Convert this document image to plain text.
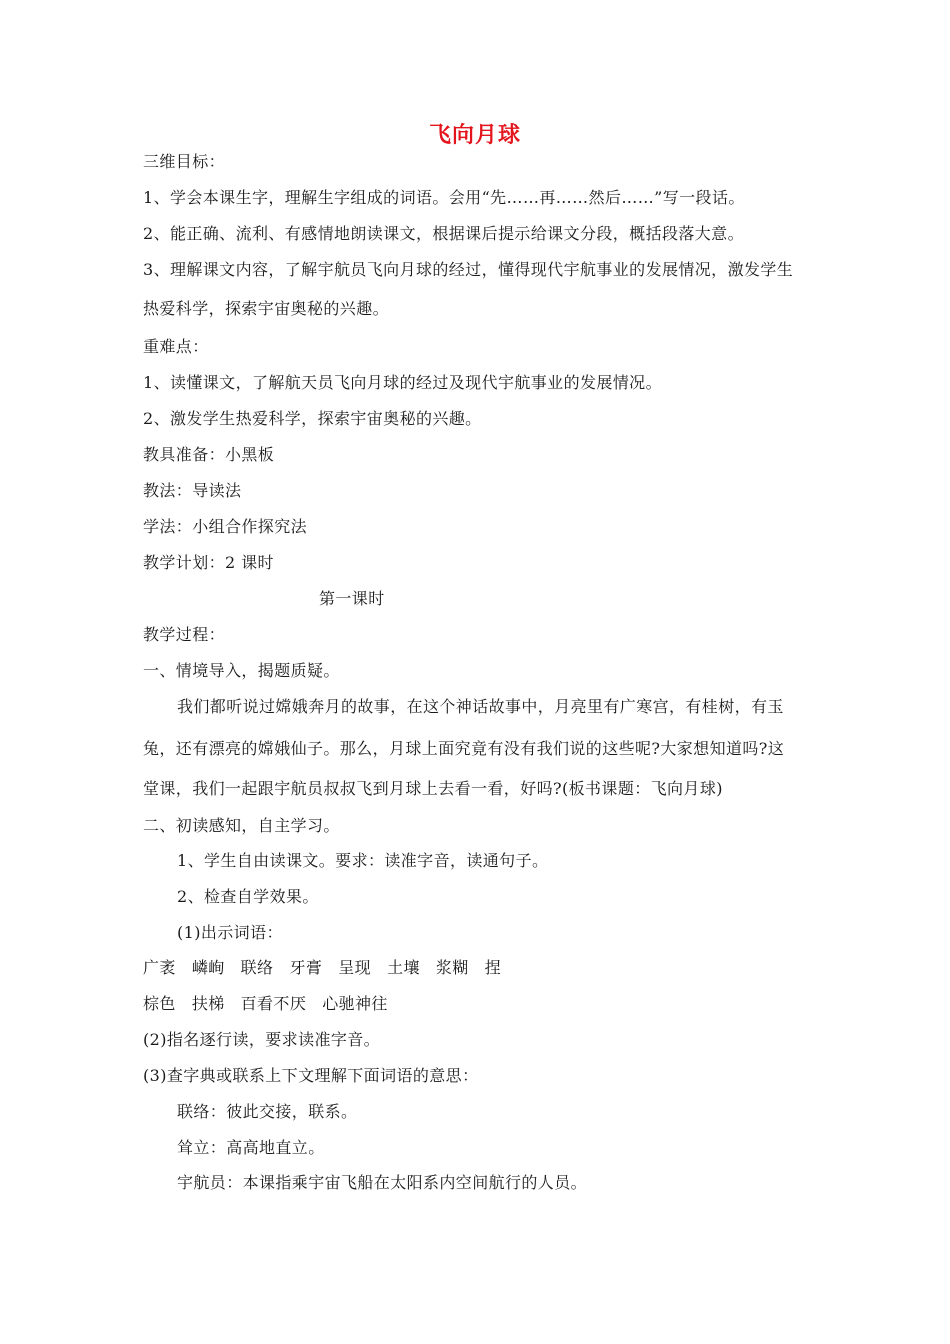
飞向月球
三维目标：
1、学会本课生字，理解生字组成的词语。会用“先……再……然后……”写一段话。
2、能正确、流利、有感情地朗读课文，根据课后提示给课文分段，概括段落大意。
3、理解课文内容，了解宇航员飞向月球的经过，懂得现代宇航事业的发展情况，激发学生
热爱科学，探索宇宙奥秘的兴趣。
重难点：
1、读懂课文，了解航天员飞向月球的经过及现代宇航事业的发展情况。
2、激发学生热爱科学，探索宇宙奥秘的兴趣。
教具准备：小黑板
教法：导读法
学法：小组合作探究法
教学计划：2 课时
第一课时
教学过程：
一、情境导入，揭题质疑。
我们都听说过嫦娥奔月的故事，在这个神话故事中，月亮里有广寒宫，有桂树，有玉
兔，还有漂亮的嫦娥仙子。那么，月球上面究竟有没有我们说的这些呢?大家想知道吗?这
堂课，我们一起跟宇航员叔叔飞到月球上去看一看，好吗?(板书课题：飞向月球)
二、初读感知，自主学习。
1、学生自由读课文。要求：读准字音，读通句子。
2、检查自学效果。
(1)出示词语：
广袤 嶙峋 联络 牙膏 呈现 土壤 浆糊 捏
棕色 扶梯 百看不厌 心驰神往
(2)指名逐行读，要求读准字音。
(3)查字典或联系上下文理解下面词语的意思：
联络：彼此交接，联系。
耸立：高高地直立。
宇航员：本课指乘宇宙飞船在太阳系内空间航行的人员。
